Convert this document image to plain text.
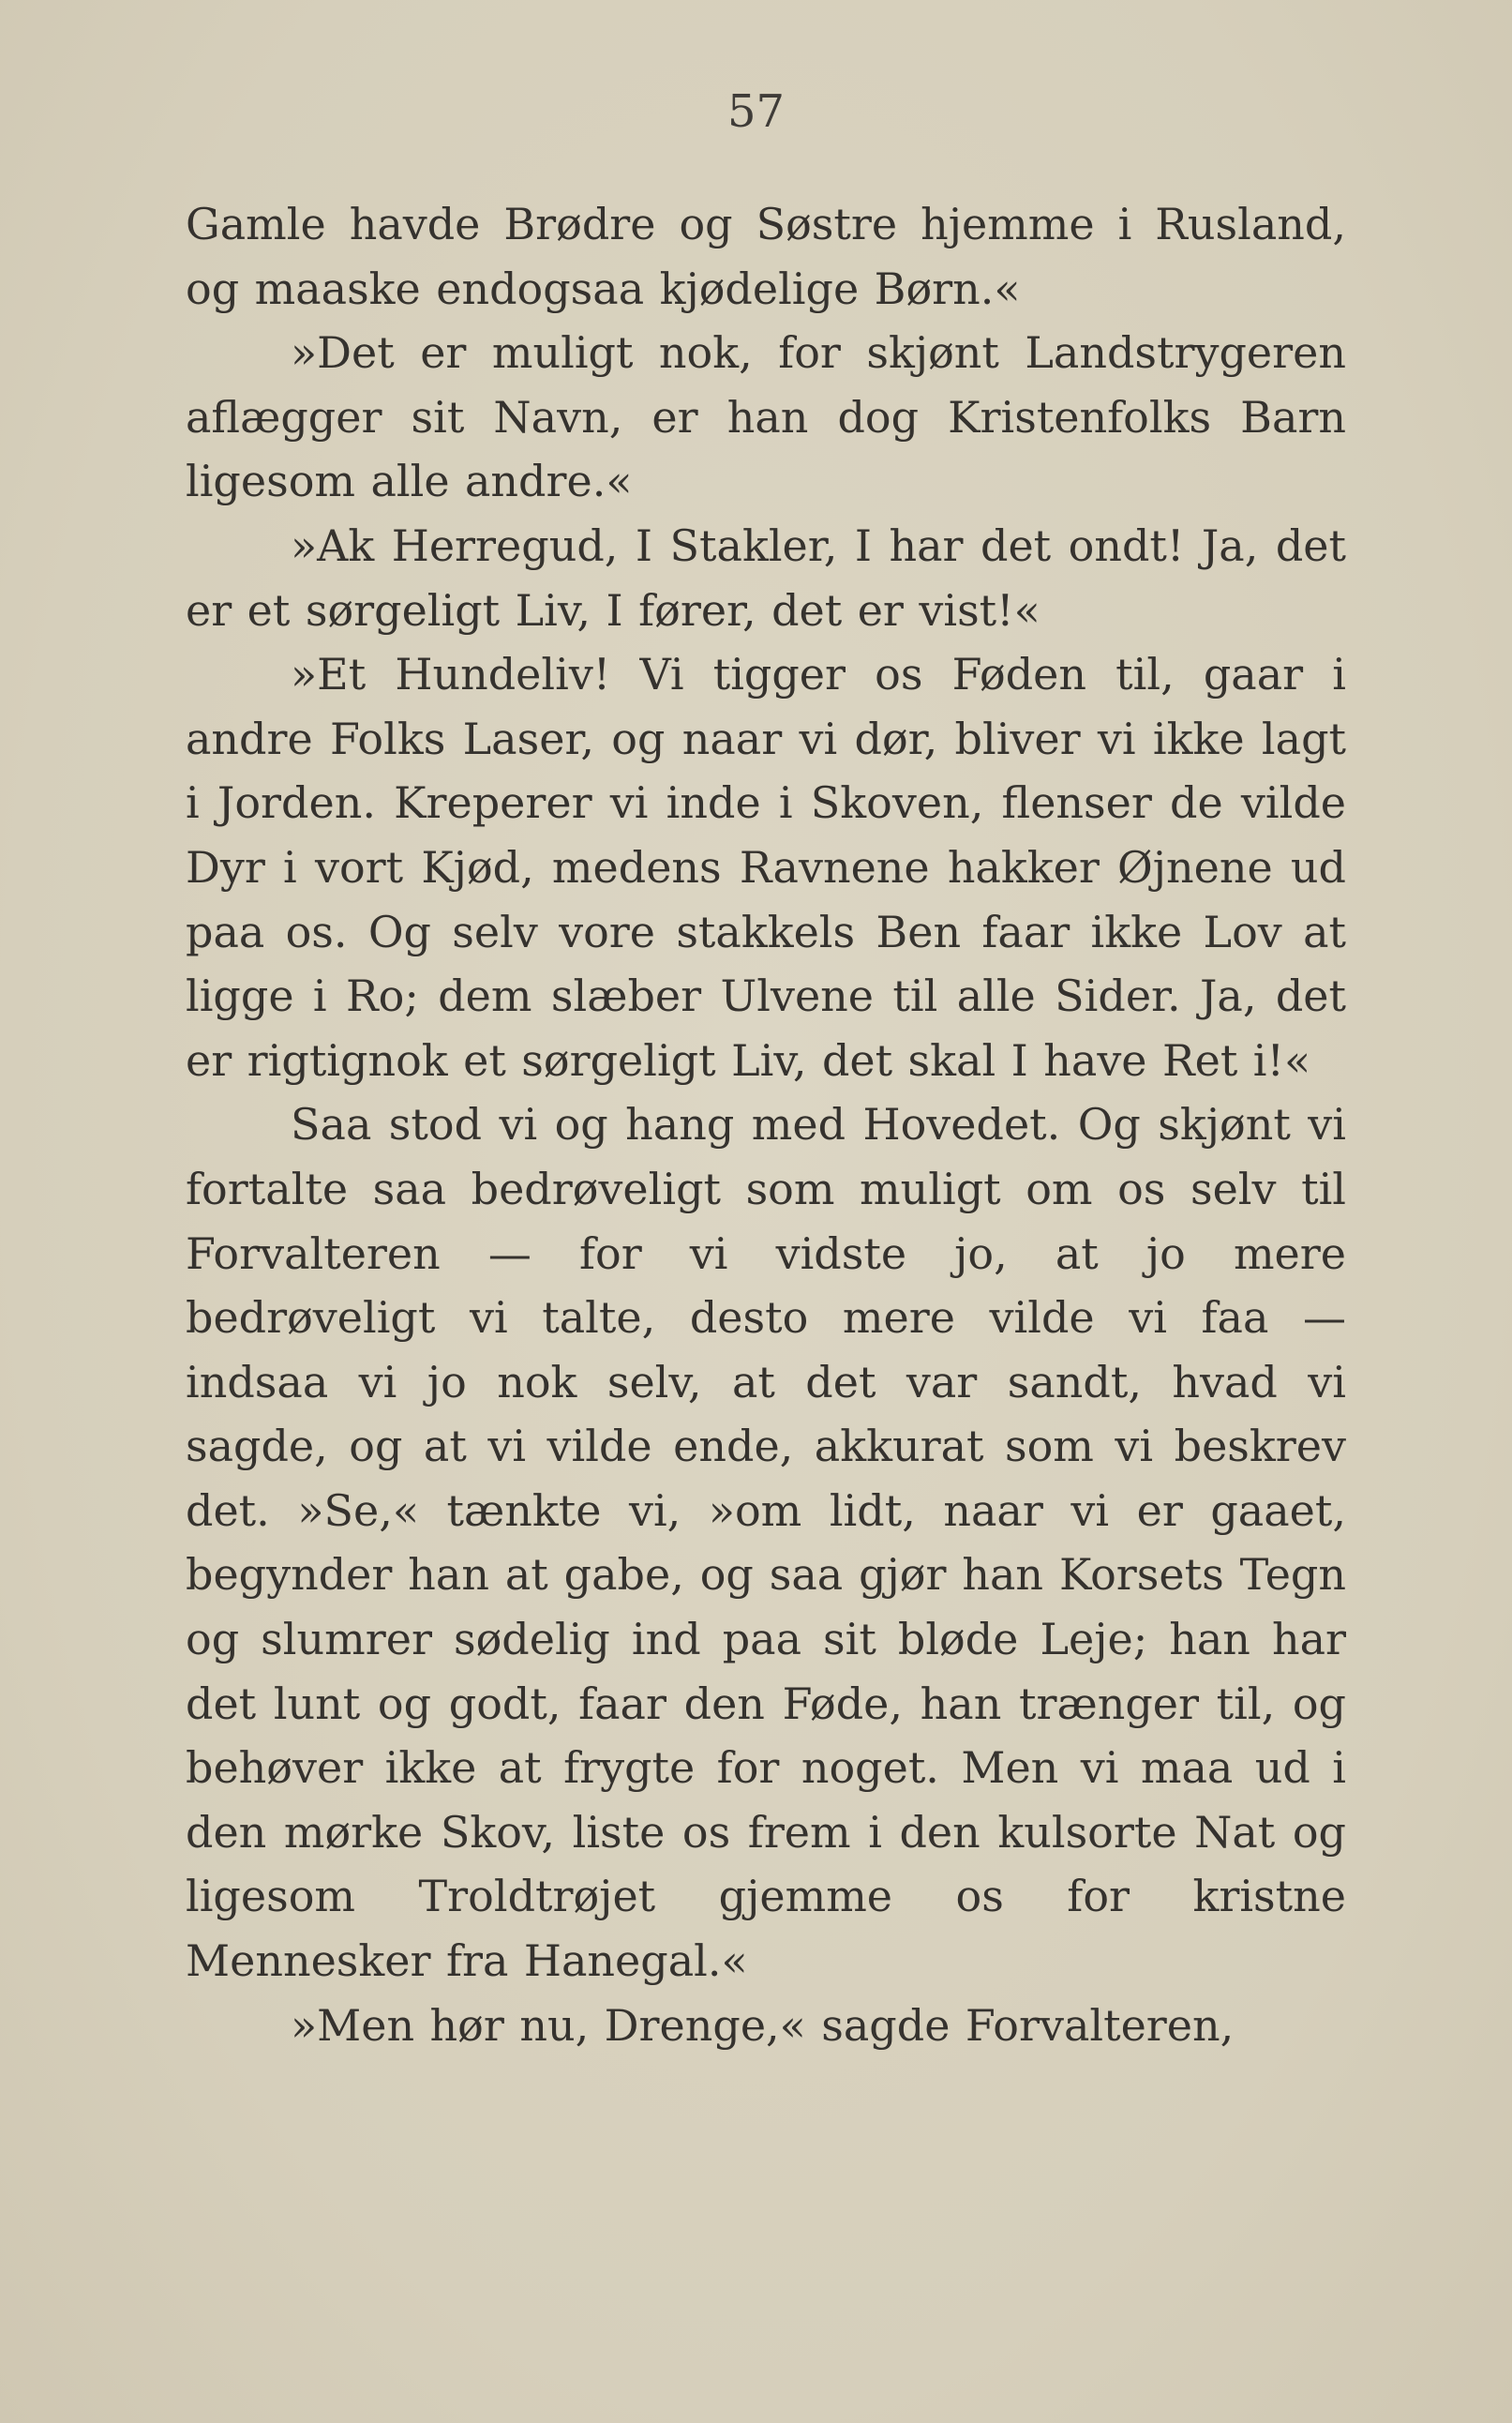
57

Gamle havde Brødre og Søstre hjemme i Rusland, og maaske endogsaa kjødelige Børn.«

»Det er muligt nok, for skjønt Landstrygeren aflægger sit Navn, er han dog Kristenfolks Barn ligesom alle andre.«

»Ak Herregud, I Stakler, I har det ondt! Ja, det er et sørgeligt Liv, I fører, det er vist!«

»Et Hundeliv! Vi tigger os Føden til, gaar i andre Folks Laser, og naar vi dør, bliver vi ikke lagt i Jorden. Kreperer vi inde i Skoven, flenser de vilde Dyr i vort Kjød, medens Ravnene hakker Øjnene ud paa os. Og selv vore stakkels Ben faar ikke Lov at ligge i Ro; dem slæber Ulvene til alle Sider. Ja, det er rigtignok et sørgeligt Liv, det skal I have Ret i!«

Saa stod vi og hang med Hovedet. Og skjønt vi fortalte saa bedrøveligt som muligt om os selv til Forvalteren — for vi vidste jo, at jo mere bedrøveligt vi talte, desto mere vilde vi faa — indsaa vi jo nok selv, at det var sandt, hvad vi sagde, og at vi vilde ende, akkurat som vi beskrev det. »Se,« tænkte vi, »om lidt, naar vi er gaaet, begynder han at gabe, og saa gjør han Korsets Tegn og slumrer sødelig ind paa sit bløde Leje; han har det lunt og godt, faar den Føde, han trænger til, og behøver ikke at frygte for noget. Men vi maa ud i den mørke Skov, liste os frem i den kulsorte Nat og ligesom Troldtrøjet gjemme os for kristne Mennesker fra Hanegal.«

»Men hør nu, Drenge,« sagde Forvalteren,
